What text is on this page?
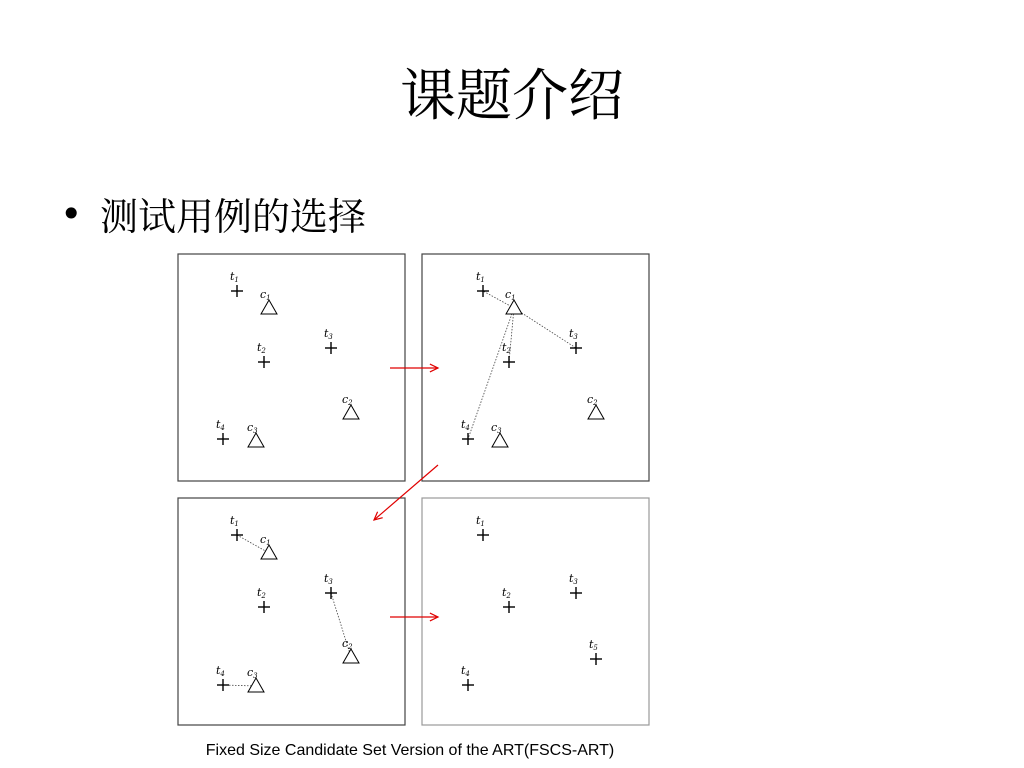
课题介绍
• 测试用例的选择
t1
t2
t3
t4
c1
c2
c3
t1
t2
t3
t4
c1
c2
c3
t1
t2
t3
t4
c1
c2
c3
t1
t2
t3
t4
t5
Fixed Size Candidate Set Version of the ART(FSCS-ART)
